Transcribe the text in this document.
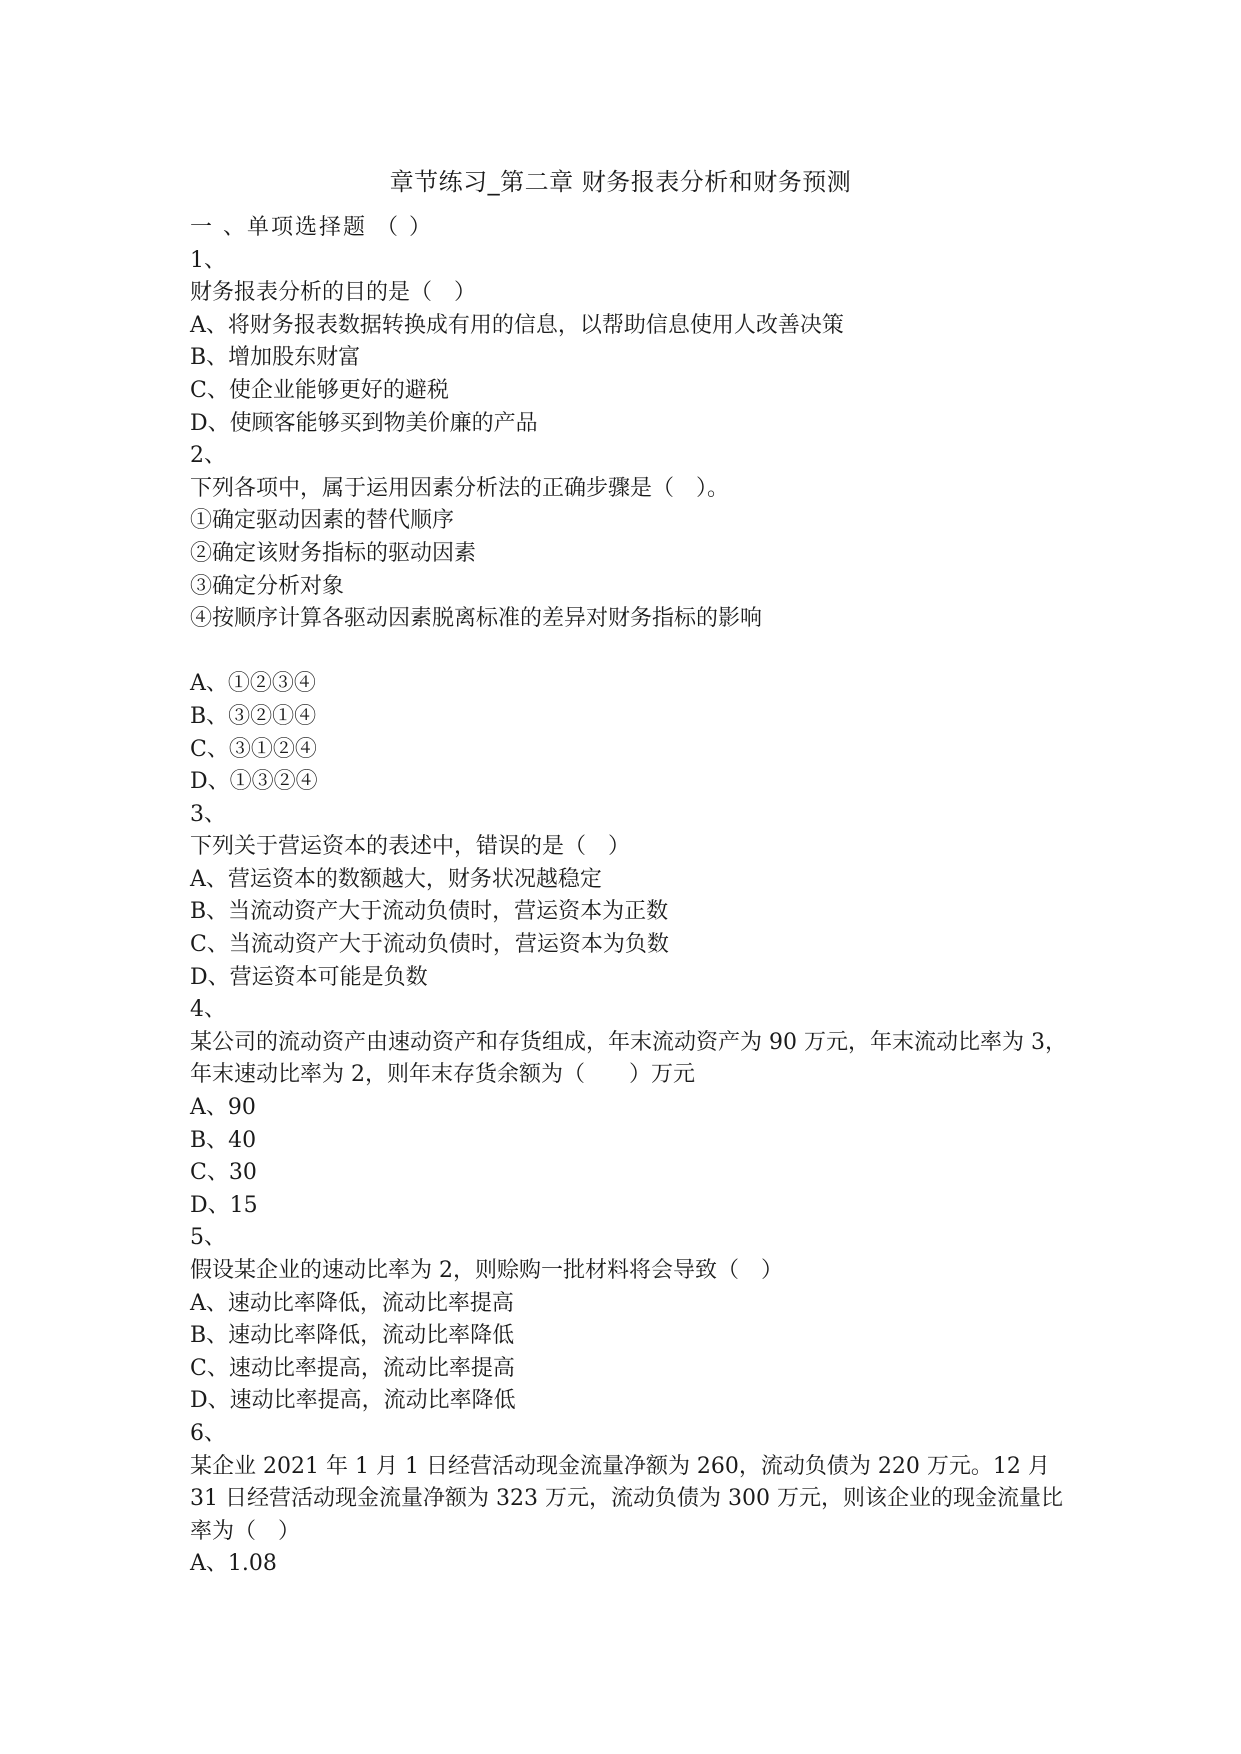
章节练习_第二章 财务报表分析和财务预测
一 、单项选择题 （ ）
1、
财务报表分析的目的是（　）
A、将财务报表数据转换成有用的信息，以帮助信息使用人改善决策
B、增加股东财富
C、使企业能够更好的避税
D、使顾客能够买到物美价廉的产品
2、
下列各项中，属于运用因素分析法的正确步骤是（　）。
①确定驱动因素的替代顺序
②确定该财务指标的驱动因素
③确定分析对象
④按顺序计算各驱动因素脱离标准的差异对财务指标的影响
A、①②③④
B、③②①④
C、③①②④
D、①③②④
3、
下列关于营运资本的表述中，错误的是（　）
A、营运资本的数额越大，财务状况越稳定
B、当流动资产大于流动负债时，营运资本为正数
C、当流动资产大于流动负债时，营运资本为负数
D、营运资本可能是负数
4、
某公司的流动资产由速动资产和存货组成，年末流动资产为 90 万元，年末流动比率为 3，年末速动比率为 2，则年末存货余额为（　　）万元
A、90
B、40
C、30
D、15
5、
假设某企业的速动比率为 2，则赊购一批材料将会导致（　）
A、速动比率降低，流动比率提高
B、速动比率降低，流动比率降低
C、速动比率提高，流动比率提高
D、速动比率提高，流动比率降低
6、
某企业 2021 年 1 月 1 日经营活动现金流量净额为 260，流动负债为 220 万元。12 月 31 日经营活动现金流量净额为 323 万元，流动负债为 300 万元，则该企业的现金流量比率为（　）
A、1.08
